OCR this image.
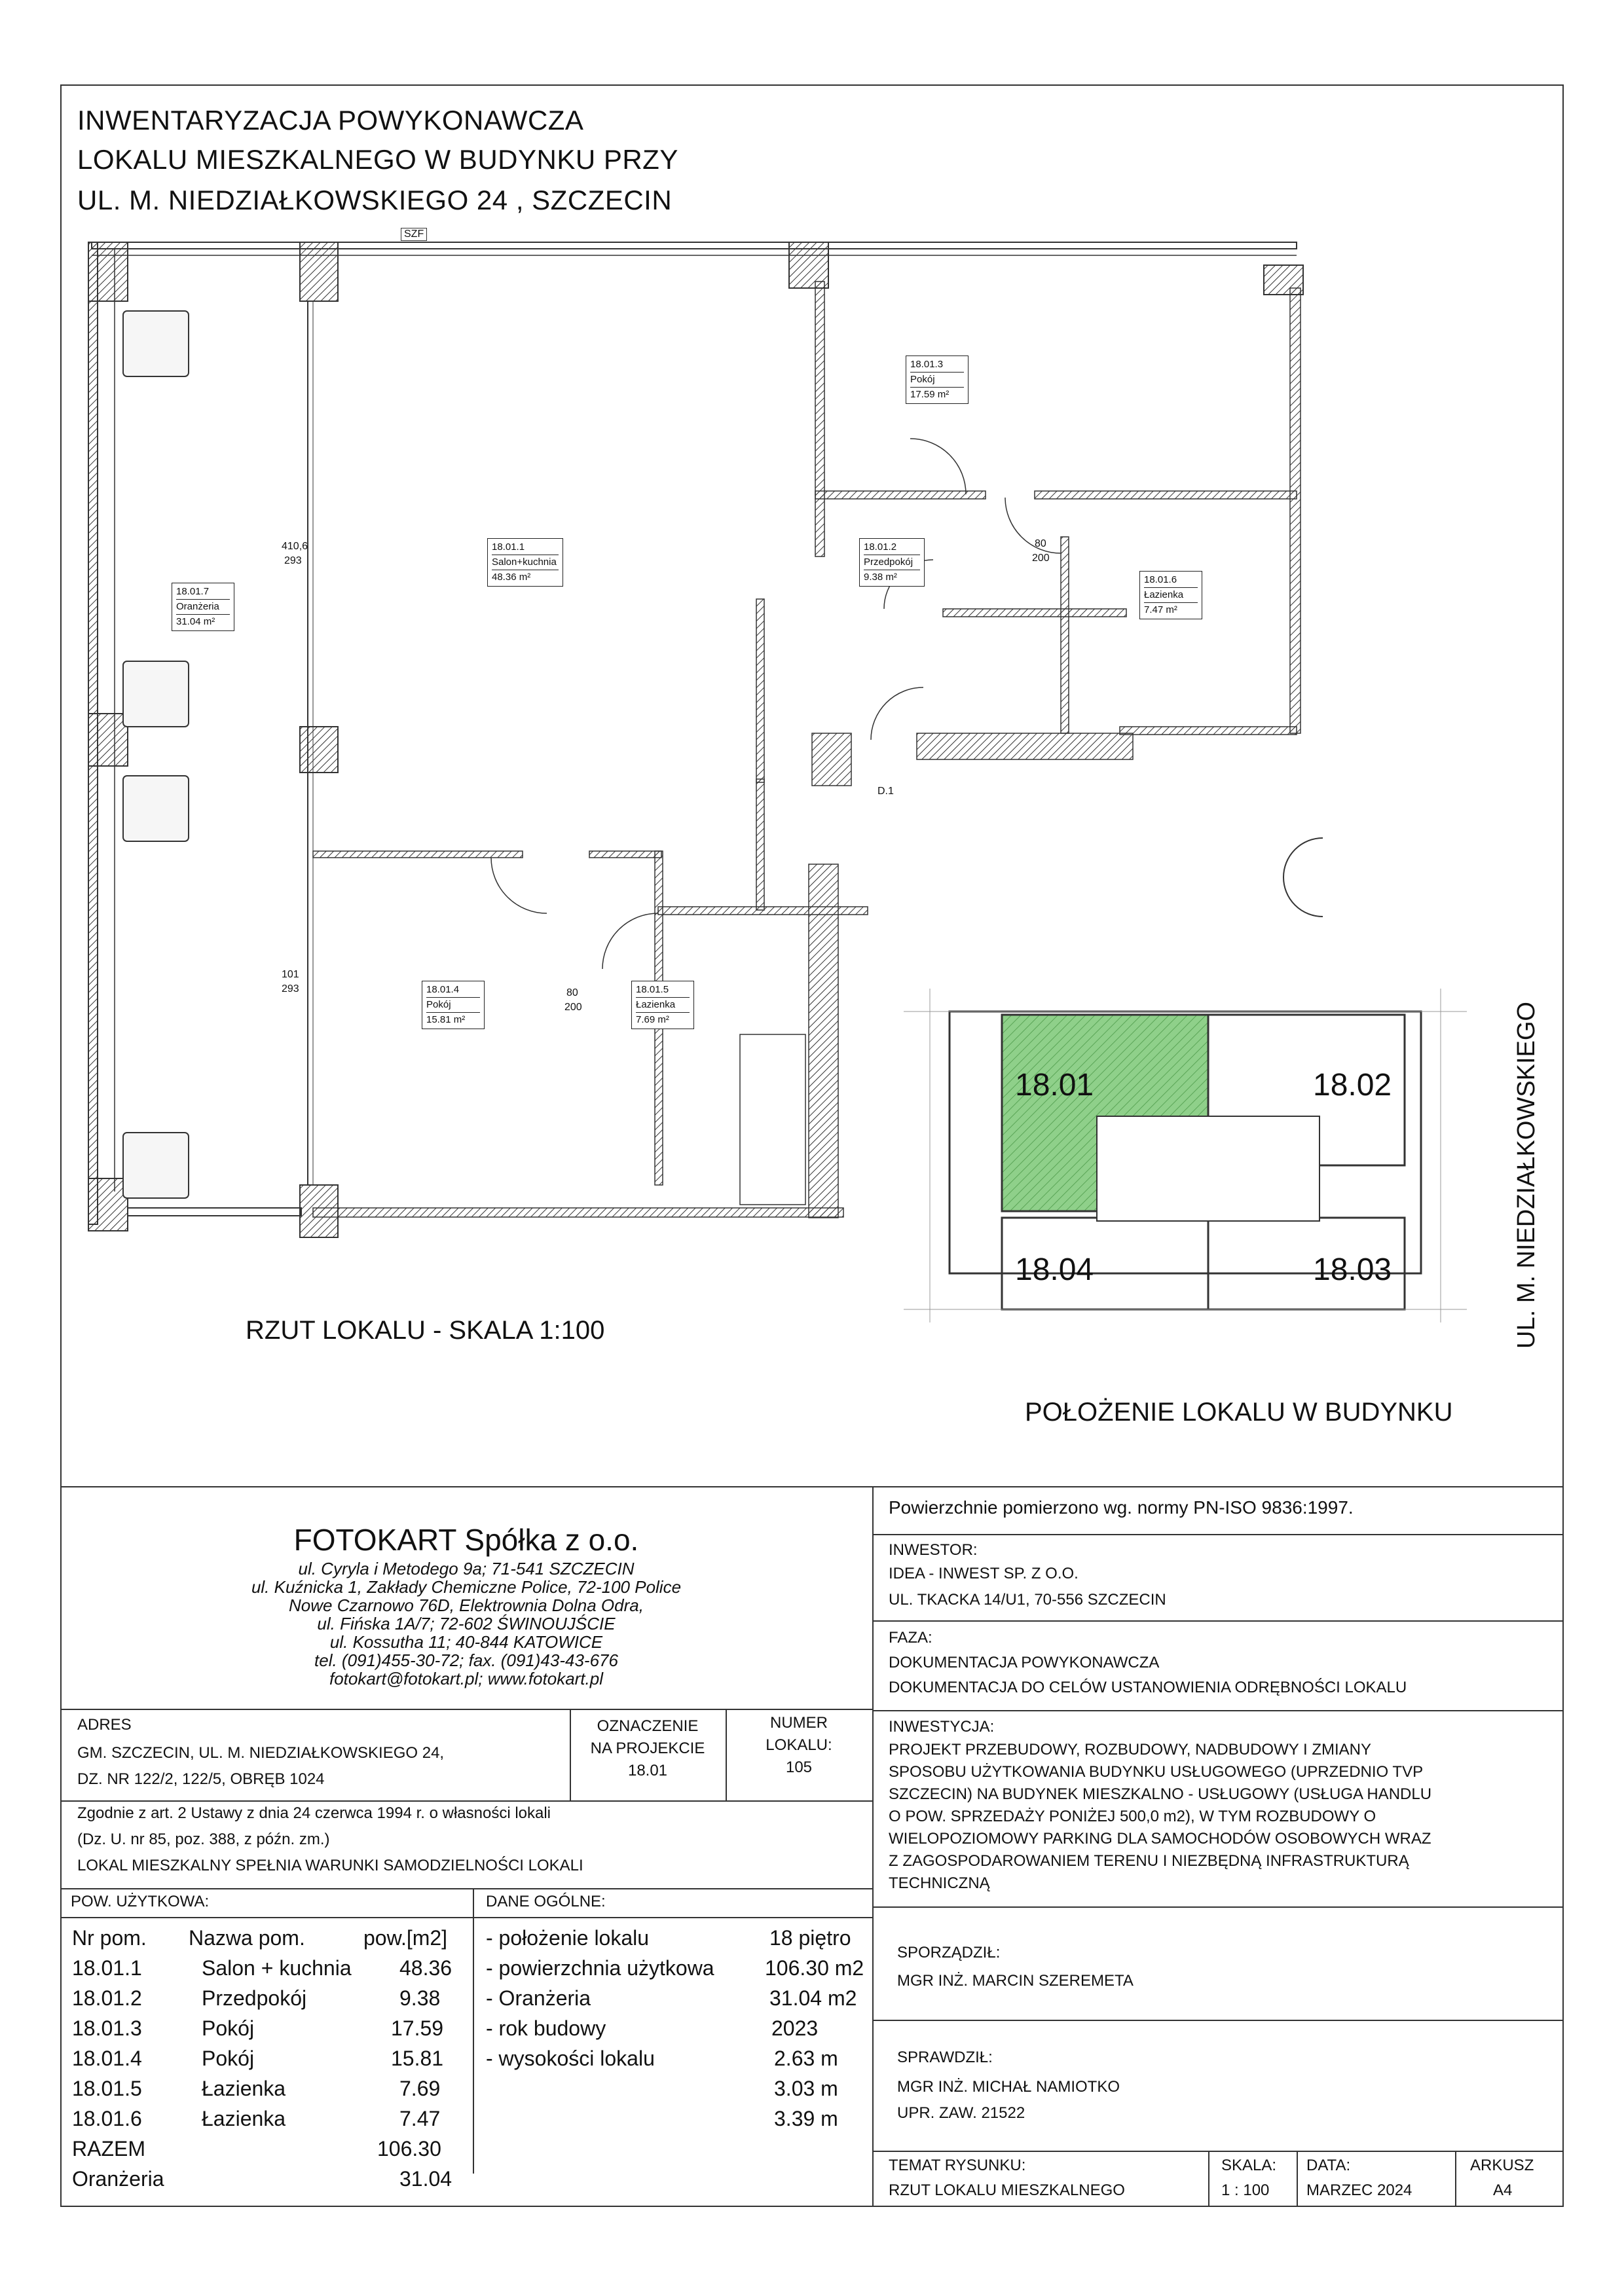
INWENTARYZACJA POWYKONAWCZA
LOKALU MIESZKALNEGO W BUDYNKU PRZY
UL. M. NIEDZIAŁKOWSKIEGO 24 , SZCZECIN
18.01.1
Salon+kuchnia
48.36 m²
18.01.2
Przedpokój
9.38 m²
18.01.3
Pokój
17.59 m²
18.01.4
Pokój
15.81 m²
18.01.5
Łazienka
7.69 m²
18.01.6
Łazienka
7.47 m²
18.01.7
Oranżeria
31.04 m²
410,6
293
101
293	80
200
80
200
D.1
SZF
RZUT LOKALU - SKALA 1:100
18.01	18.02
18.04	18.03	UL. M. NIEDZIAŁKOWSKIEGO
POŁOŻENIE LOKALU W BUDYNKU
FOTOKART Spółka z o.o.
ul. Cyryla i Metodego 9a; 71-541 SZCZECIN
ul. Kuźnicka 1, Zakłady Chemiczne Police, 72-100 Police
Nowe Czarnowo 76D, Elektrownia Dolna Odra,
ul. Fińska 1A/7; 72-602 ŚWINOUJŚCIE
ul. Kossutha 11; 40-844 KATOWICE
tel. (091)455-30-72; fax. (091)43-43-676
fotokart@fotokart.pl; www.fotokart.pl
ADRES
GM. SZCZECIN, UL. M. NIEDZIAŁKOWSKIEGO 24,
DZ. NR 122/2, 122/5, OBRĘB 1024
OZNACZENIE
NA PROJEKCIE
18.01
NUMER
LOKALU:
105
Zgodnie z art. 2 Ustawy z dnia 24 czerwca 1994 r. o własności lokali
(Dz. U. nr 85, poz. 388, z późn. zm.)
LOKAL MIESZKALNY SPEŁNIA WARUNKI SAMODZIELNOŚCI LOKALI
POW. UŻYTKOWA:
Nr pom. Nazwa pom.	pow.[m2]
18.01.1	Salon + kuchnia 48.36
18.01.2	Przedpokój	9.38
18.01.3	Pokój	17.59
18.01.4	Pokój	15.81
18.01.5	Łazienka	7.69
18.01.6	Łazienka	7.47
RAZEM	106.30
Oranżeria	31.04
DANE OGÓLNE:
- położenie lokalu	18 piętro
- powierzchnia użytkowa 106.30 m2
- Oranżeria	31.04 m2
- rok budowy	2023
- wysokości lokalu	2.63 m
3.03 m
3.39 m
Powierzchnie pomierzono wg. normy PN-ISO 9836:1997.
INWESTOR:
IDEA - INWEST SP. Z O.O.
UL. TKACKA 14/U1, 70-556 SZCZECIN
FAZA:
DOKUMENTACJA POWYKONAWCZA
DOKUMENTACJA DO CELÓW USTANOWIENIA ODRĘBNOŚCI LOKALU
INWESTYCJA:
PROJEKT PRZEBUDOWY, ROZBUDOWY, NADBUDOWY I ZMIANY
SPOSOBU UŻYTKOWANIA BUDYNKU USŁUGOWEGO (UPRZEDNIO TVP
SZCZECIN) NA BUDYNEK MIESZKALNO - USŁUGOWY (USŁUGA HANDLU
O POW. SPRZEDAŻY PONIŻEJ 500,0 m2), W TYM ROZBUDOWY O
WIELOPOZIOMOWY PARKING DLA SAMOCHODÓW OSOBOWYCH WRAZ
Z ZAGOSPODAROWANIEM TERENU I NIEZBĘDNĄ INFRASTRUKTURĄ
TECHNICZNĄ
SPORZĄDZIŁ:
MGR INŻ. MARCIN SZEREMETA
SPRAWDZIŁ:
MGR INŻ. MICHAŁ NAMIOTKO
UPR. ZAW. 21522
TEMAT RYSUNKU:
RZUT LOKALU MIESZKALNEGO
SKALA:
1 : 100
DATA:
MARZEC 2024
ARKUSZ
A4
